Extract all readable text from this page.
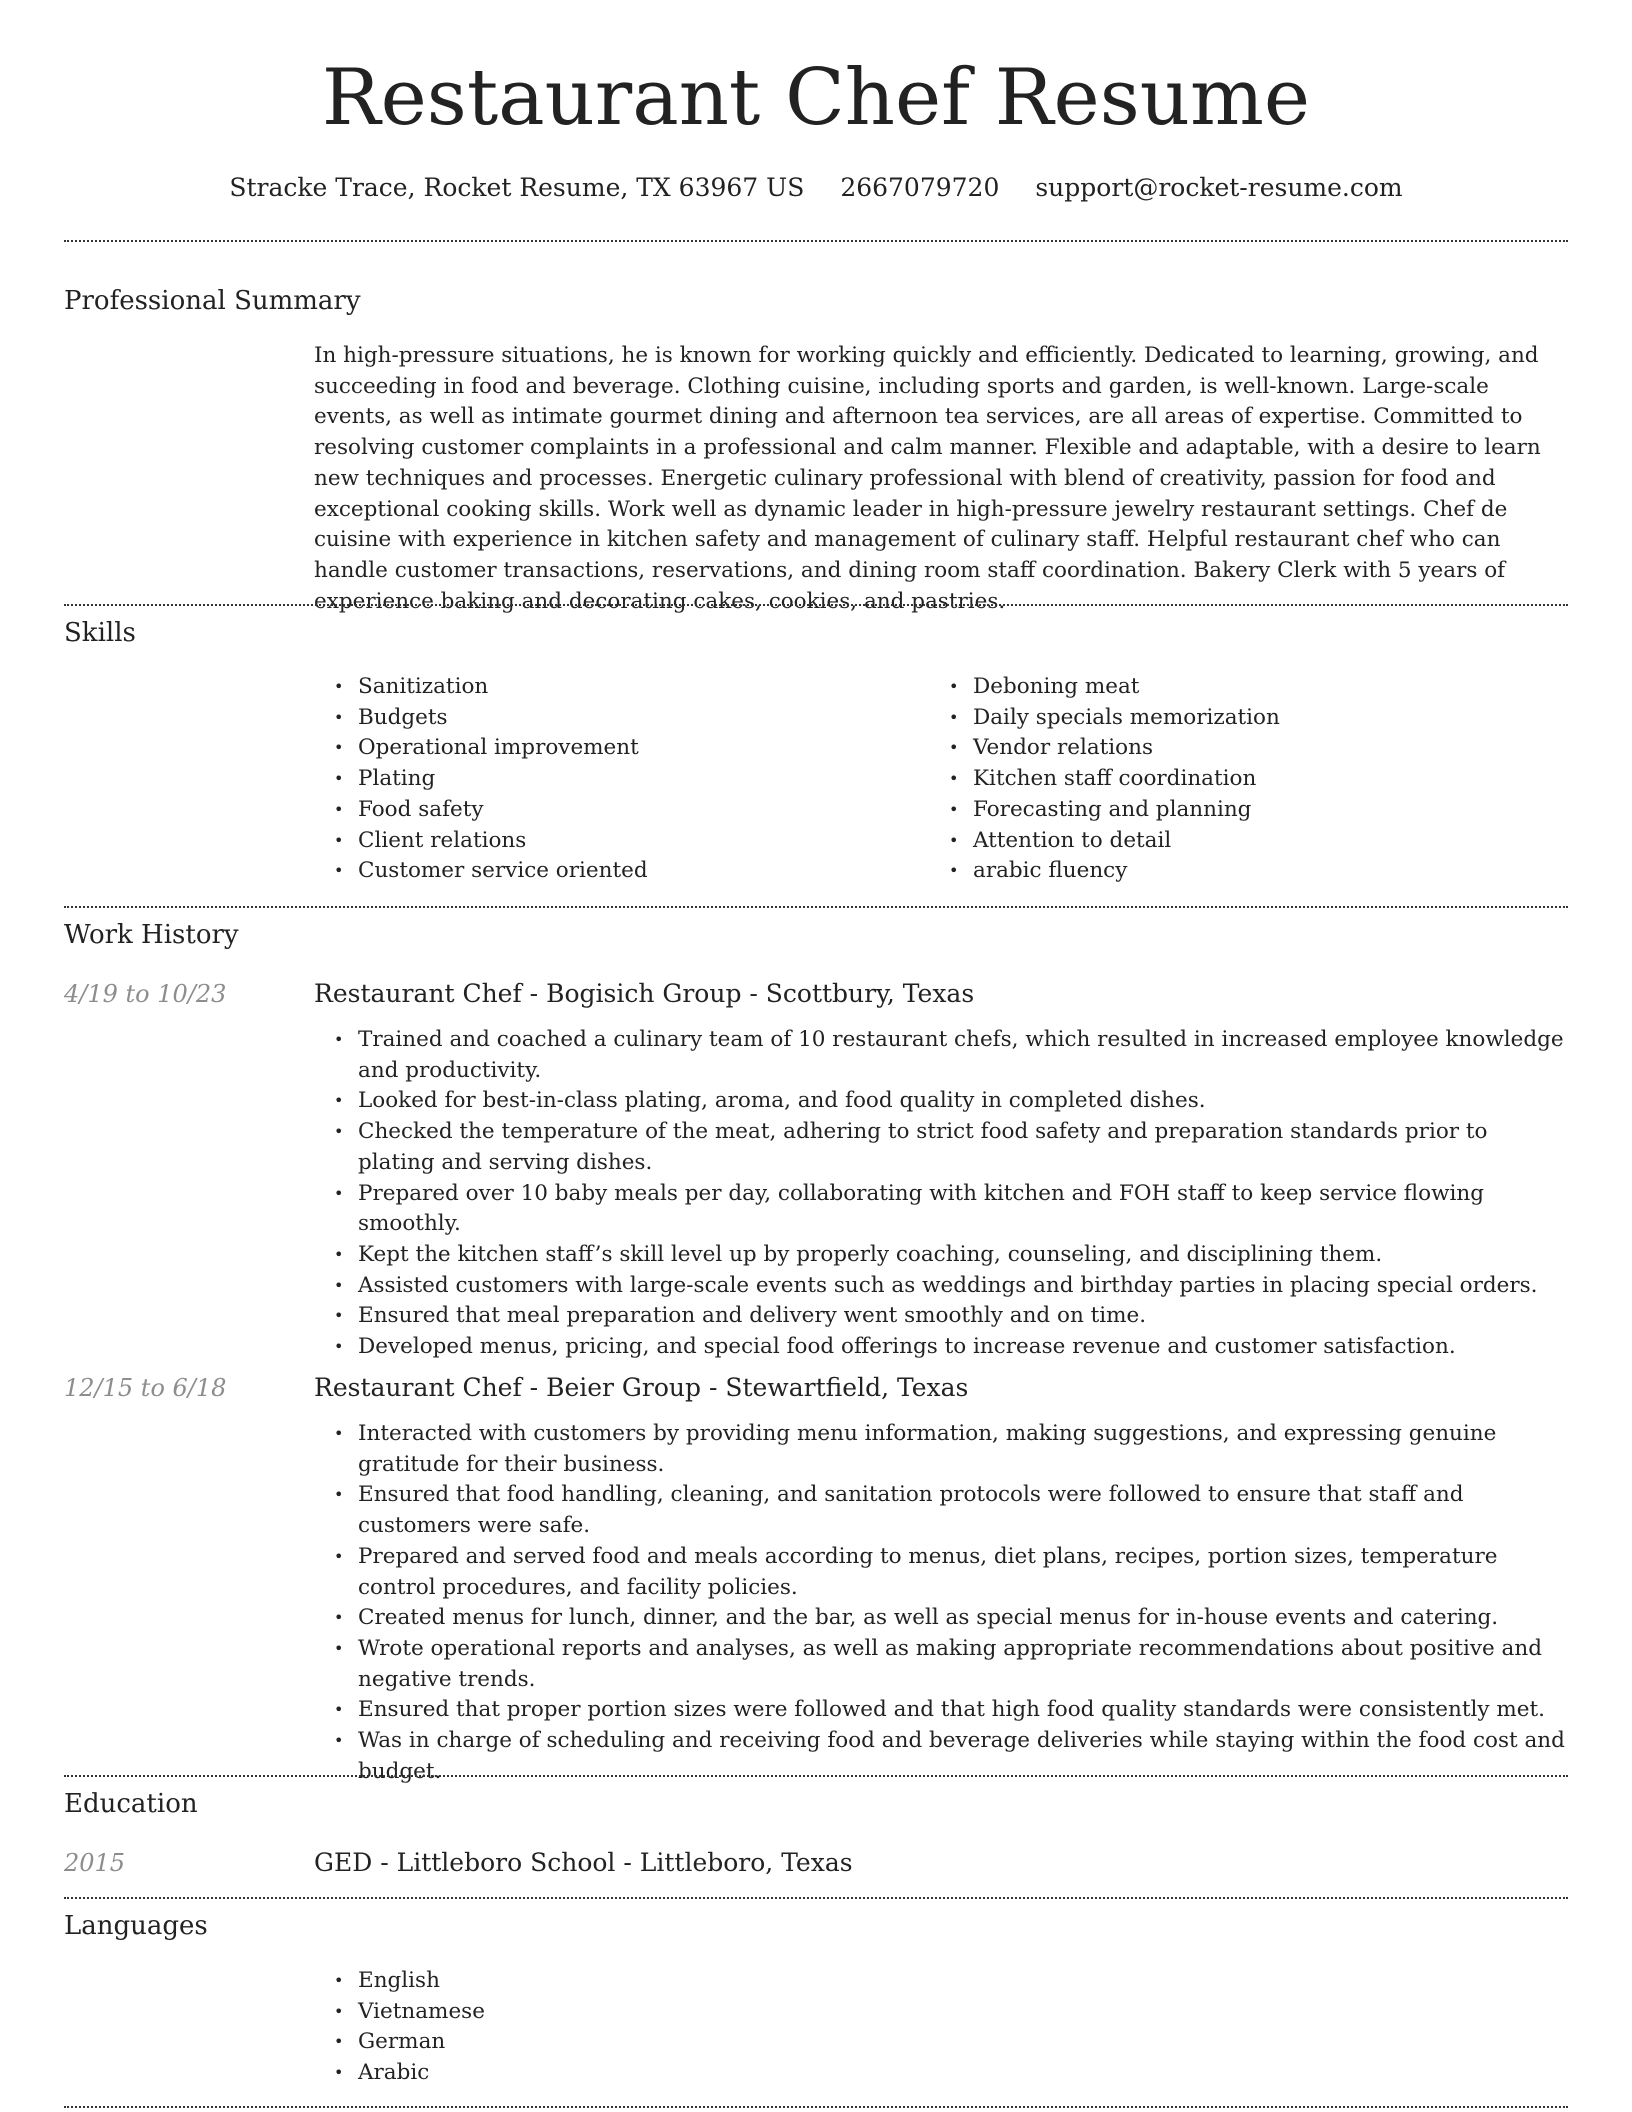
Restaurant Chef Resume
Stracke Trace, Rocket Resume, TX 63967 US 2667079720 support@rocket-resume.com
Professional Summary

In high-pressure situations, he is known for working quickly and efficiently. Dedicated to learning, growing, and succeeding in food and beverage. Clothing cuisine, including sports and garden, is well-known. Large-scale events, as well as intimate gourmet dining and afternoon tea services, are all areas of expertise. Committed to resolving customer complaints in a professional and calm manner. Flexible and adaptable, with a desire to learn new techniques and processes. Energetic culinary professional with blend of creativity, passion for food and exceptional cooking skills. Work well as dynamic leader in high-pressure jewelry restaurant settings. Chef de cuisine with experience in kitchen safety and management of culinary staff. Helpful restaurant chef who can handle customer transactions, reservations, and dining room staff coordination. Bakery Clerk with 5 years of experience baking and decorating cakes, cookies, and pastries.

Skills
• Sanitization
• Budgets
• Operational improvement
• Plating
• Food safety
• Client relations
• Customer service oriented
• Deboning meat
• Daily specials memorization
• Vendor relations
• Kitchen staff coordination
• Forecasting and planning
• Attention to detail
• arabic fluency
Work History
4/19 to 10/23	Restaurant Chef - Bogisich Group - Scottbury, Texas
• Trained and coached a culinary team of 10 restaurant chefs, which resulted in increased employee knowledge and productivity.
• Looked for best-in-class plating, aroma, and food quality in completed dishes.
• Checked the temperature of the meat, adhering to strict food safety and preparation standards prior to plating and serving dishes.
• Prepared over 10 baby meals per day, collaborating with kitchen and FOH staff to keep service flowing smoothly.
• Kept the kitchen staff’s skill level up by properly coaching, counseling, and disciplining them.
• Assisted customers with large-scale events such as weddings and birthday parties in placing special orders.
• Ensured that meal preparation and delivery went smoothly and on time.
• Developed menus, pricing, and special food offerings to increase revenue and customer satisfaction.
12/15 to 6/18	Restaurant Chef - Beier Group - Stewartfield, Texas
• Interacted with customers by providing menu information, making suggestions, and expressing genuine gratitude for their business.
• Ensured that food handling, cleaning, and sanitation protocols were followed to ensure that staff and customers were safe.
• Prepared and served food and meals according to menus, diet plans, recipes, portion sizes, temperature control procedures, and facility policies.
• Created menus for lunch, dinner, and the bar, as well as special menus for in-house events and catering.
• Wrote operational reports and analyses, as well as making appropriate recommendations about positive and negative trends.
• Ensured that proper portion sizes were followed and that high food quality standards were consistently met.
• Was in charge of scheduling and receiving food and beverage deliveries while staying within the food cost and budget.
Education
2015	GED - Littleboro School - Littleboro, Texas
Languages
• English
• Vietnamese
• German
• Arabic
